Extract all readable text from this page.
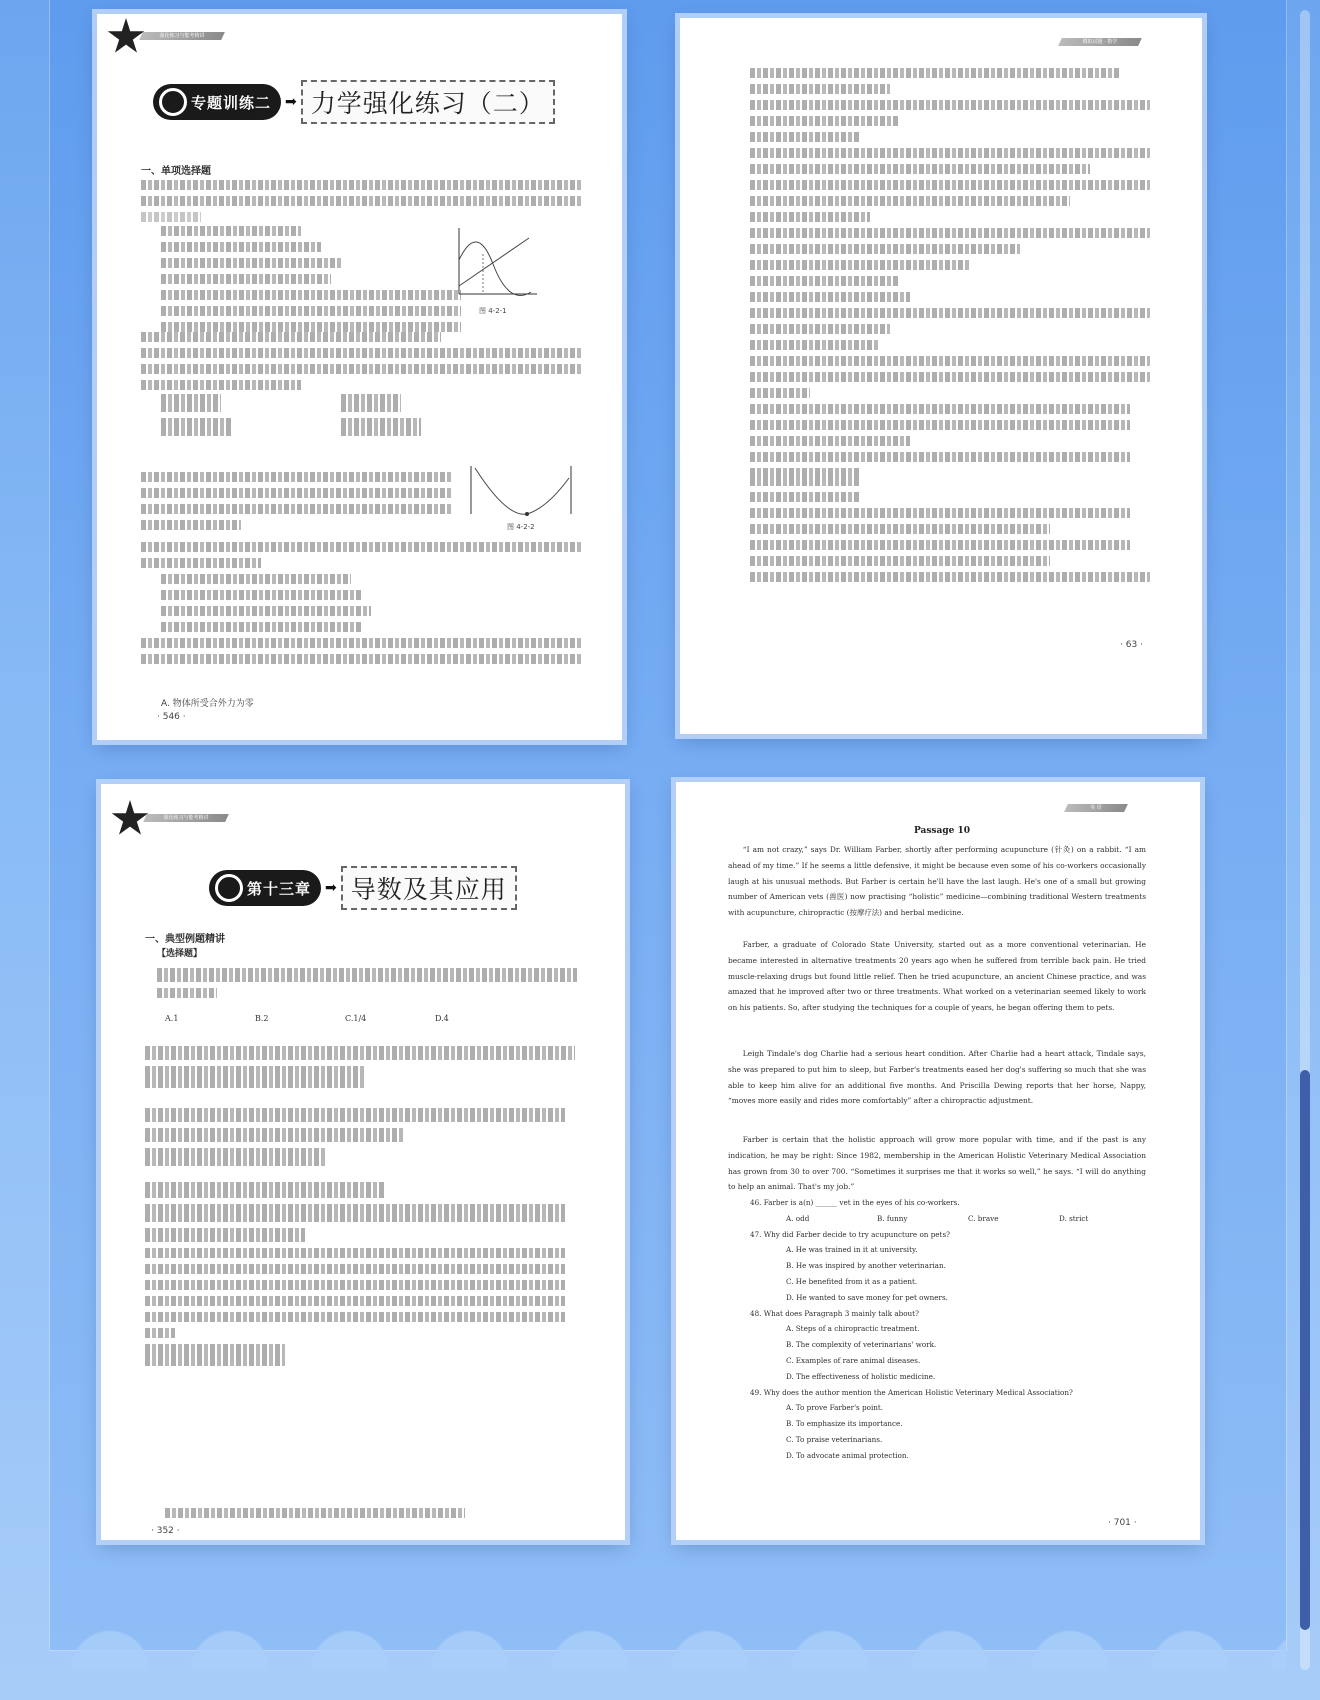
强化练习与能考精讲
专题训练二 ➡ 力学强化练习（二）
一、单项选择题
图 4-2-1
图 4-2-2
A. 物体所受合外力为零
· 546 ·
模拟试题 · 数学
· 63 ·
强化练习与能考精讲
第十三章 ➡ 导数及其应用
一、典型例题精讲
【选择题】
A.1	B.2	C.1/4	D.4
· 352 ·
英 语
Passage 10
“I am not crazy,” says Dr. William Farber, shortly after performing acupuncture (针灸) on a rabbit. “I am ahead of my time.” If he seems a little defensive, it might be because even some of his co-workers occasionally laugh at his unusual methods. But Farber is certain he'll have the last laugh. He's one of a small but growing number of American vets (兽医) now practising “holistic” medicine—combining traditional Western treatments with acupuncture, chiropractic (按摩疗法) and herbal medicine.
Farber, a graduate of Colorado State University, started out as a more conventional veterinarian. He became interested in alternative treatments 20 years ago when he suffered from terrible back pain. He tried muscle-relaxing drugs but found little relief. Then he tried acupuncture, an ancient Chinese practice, and was amazed that he improved after two or three treatments. What worked on a veterinarian seemed likely to work on his patients. So, after studying the techniques for a couple of years, he began offering them to pets.
Leigh Tindale's dog Charlie had a serious heart condition. After Charlie had a heart attack, Tindale says, she was prepared to put him to sleep, but Farber's treatments eased her dog's suffering so much that she was able to keep him alive for an additional five months. And Priscilla Dewing reports that her horse, Nappy, “moves more easily and rides more comfortably” after a chiropractic adjustment.
Farber is certain that the holistic approach will grow more popular with time, and if the past is any indication, he may be right: Since 1982, membership in the American Holistic Veterinary Medical Association has grown from 30 to over 700. “Sometimes it surprises me that it works so well,” he says. “I will do anything to help an animal. That's my job.”
46. Farber is a(n) ______ vet in the eyes of his co-workers.
A. odd	B. funny	C. brave	D. strict
47. Why did Farber decide to try acupuncture on pets?
A. He was trained in it at university.
B. He was inspired by another veterinarian.
C. He benefited from it as a patient.
D. He wanted to save money for pet owners.
48. What does Paragraph 3 mainly talk about?
A. Steps of a chiropractic treatment.
B. The complexity of veterinarians' work.
C. Examples of rare animal diseases.
D. The effectiveness of holistic medicine.
49. Why does the author mention the American Holistic Veterinary Medical Association?
A. To prove Farber's point.
B. To emphasize its importance.
C. To praise veterinarians.
D. To advocate animal protection.
· 701 ·
